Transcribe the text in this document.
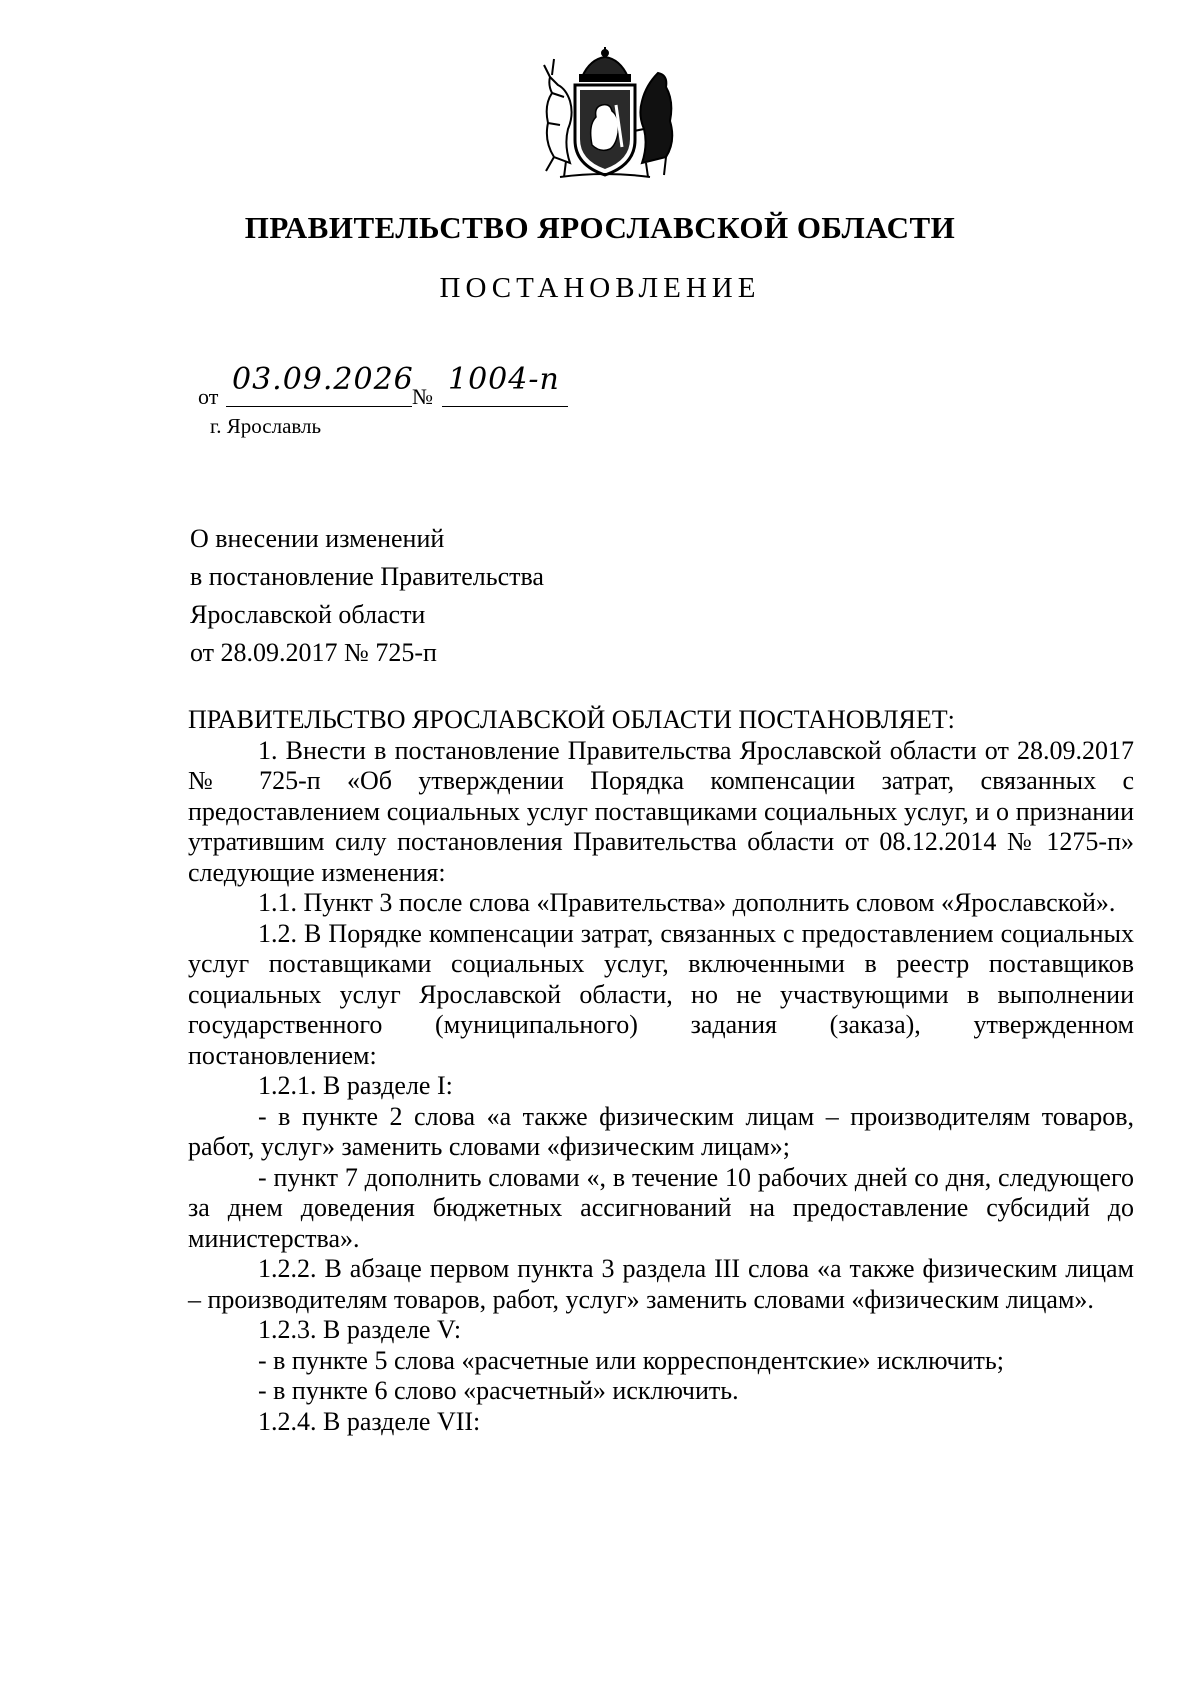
ПРАВИТЕЛЬСТВО ЯРОСЛАВСКОЙ ОБЛАСТИ
ПОСТАНОВЛЕНИЕ
от 03.09.2026
№ 1004-п
г. Ярославль
О внесении изменений
в постановление Правительства
Ярославской области
от 28.09.2017 № 725-п

ПРАВИТЕЛЬСТВО ЯРОСЛАВСКОЙ ОБЛАСТИ ПОСТАНОВЛЯЕТ:

1. Внести в постановление Правительства Ярославской области от 28.09.2017 № 725-п «Об утверждении Порядка компенсации затрат, связанных с предоставлением социальных услуг поставщиками социальных услуг, и о признании утратившим силу постановления Правительства области от 08.12.2014 № 1275-п» следующие изменения:

1.1. Пункт 3 после слова «Правительства» дополнить словом «Ярославской».

1.2. В Порядке компенсации затрат, связанных с предоставлением социальных услуг поставщиками социальных услуг, включенными в реестр поставщиков социальных услуг Ярославской области, но не участвующими в выполнении государственного (муниципального) задания (заказа), утвержденном постановлением:

1.2.1. В разделе I:

- в пункте 2 слова «а также физическим лицам – производителям товаров, работ, услуг» заменить словами «физическим лицам»;

- пункт 7 дополнить словами «, в течение 10 рабочих дней со дня, следующего за днем доведения бюджетных ассигнований на предоставление субсидий до министерства».

1.2.2. В абзаце первом пункта 3 раздела III слова «а также физическим лицам – производителям товаров, работ, услуг» заменить словами «физическим лицам».

1.2.3. В разделе V:

- в пункте 5 слова «расчетные или корреспондентские» исключить;

- в пункте 6 слово «расчетный» исключить.

1.2.4. В разделе VII:
